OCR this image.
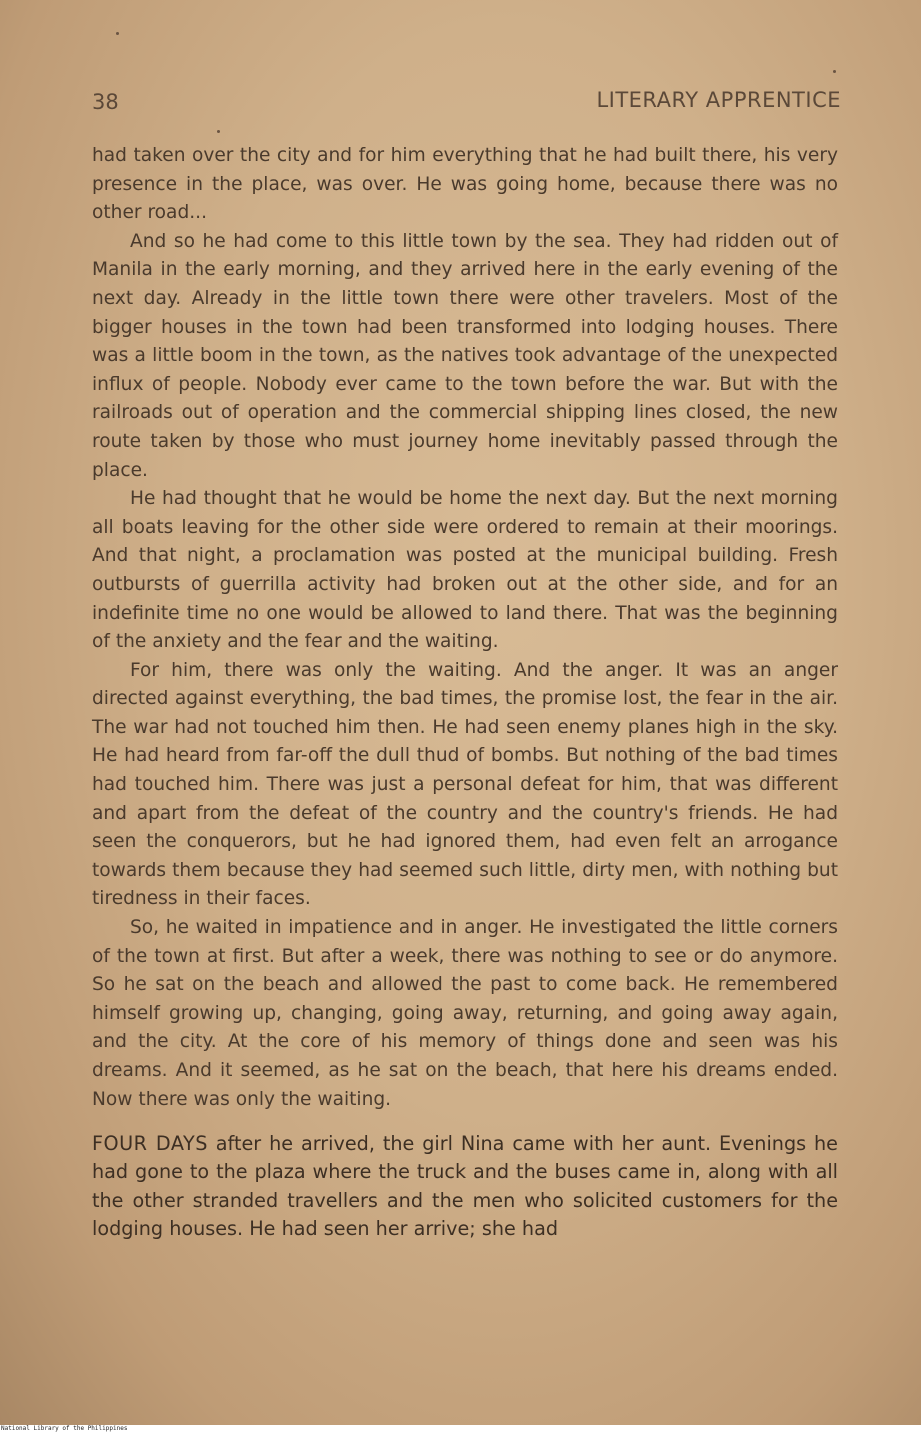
38	LITERARY APPRENTICE

had taken over the city and for him everything that he had built there, his very presence in the place, was over. He was going home, because there was no other road...

And so he had come to this little town by the sea. They had ridden out of Manila in the early morning, and they arrived here in the early evening of the next day. Already in the little town there were other travelers. Most of the bigger houses in the town had been transformed into lodging houses. There was a little boom in the town, as the natives took advantage of the unexpected influx of people. Nobody ever came to the town before the war. But with the railroads out of operation and the commercial shipping lines closed, the new route taken by those who must journey home inevitably passed through the place.

He had thought that he would be home the next day. But the next morning all boats leaving for the other side were ordered to remain at their moorings. And that night, a proclamation was posted at the municipal building. Fresh outbursts of guerrilla activity had broken out at the other side, and for an indefinite time no one would be allowed to land there. That was the beginning of the anxiety and the fear and the waiting.

For him, there was only the waiting. And the anger. It was an anger directed against everything, the bad times, the promise lost, the fear in the air. The war had not touched him then. He had seen enemy planes high in the sky. He had heard from far-off the dull thud of bombs. But nothing of the bad times had touched him. There was just a personal defeat for him, that was different and apart from the defeat of the country and the country's friends. He had seen the conquerors, but he had ignored them, had even felt an arrogance towards them because they had seemed such little, dirty men, with nothing but tiredness in their faces.

So, he waited in impatience and in anger. He investigated the little corners of the town at first. But after a week, there was nothing to see or do anymore. So he sat on the beach and allowed the past to come back. He remembered himself growing up, changing, going away, returning, and going away again, and the city. At the core of his memory of things done and seen was his dreams. And it seemed, as he sat on the beach, that here his dreams ended. Now there was only the waiting.

FOUR DAYS after he arrived, the girl Nina came with her aunt. Evenings he had gone to the plaza where the truck and the buses came in, along with all the other stranded travellers and the men who solicited customers for the lodging houses. He had seen her arrive; she had

National Library of the Philippines
